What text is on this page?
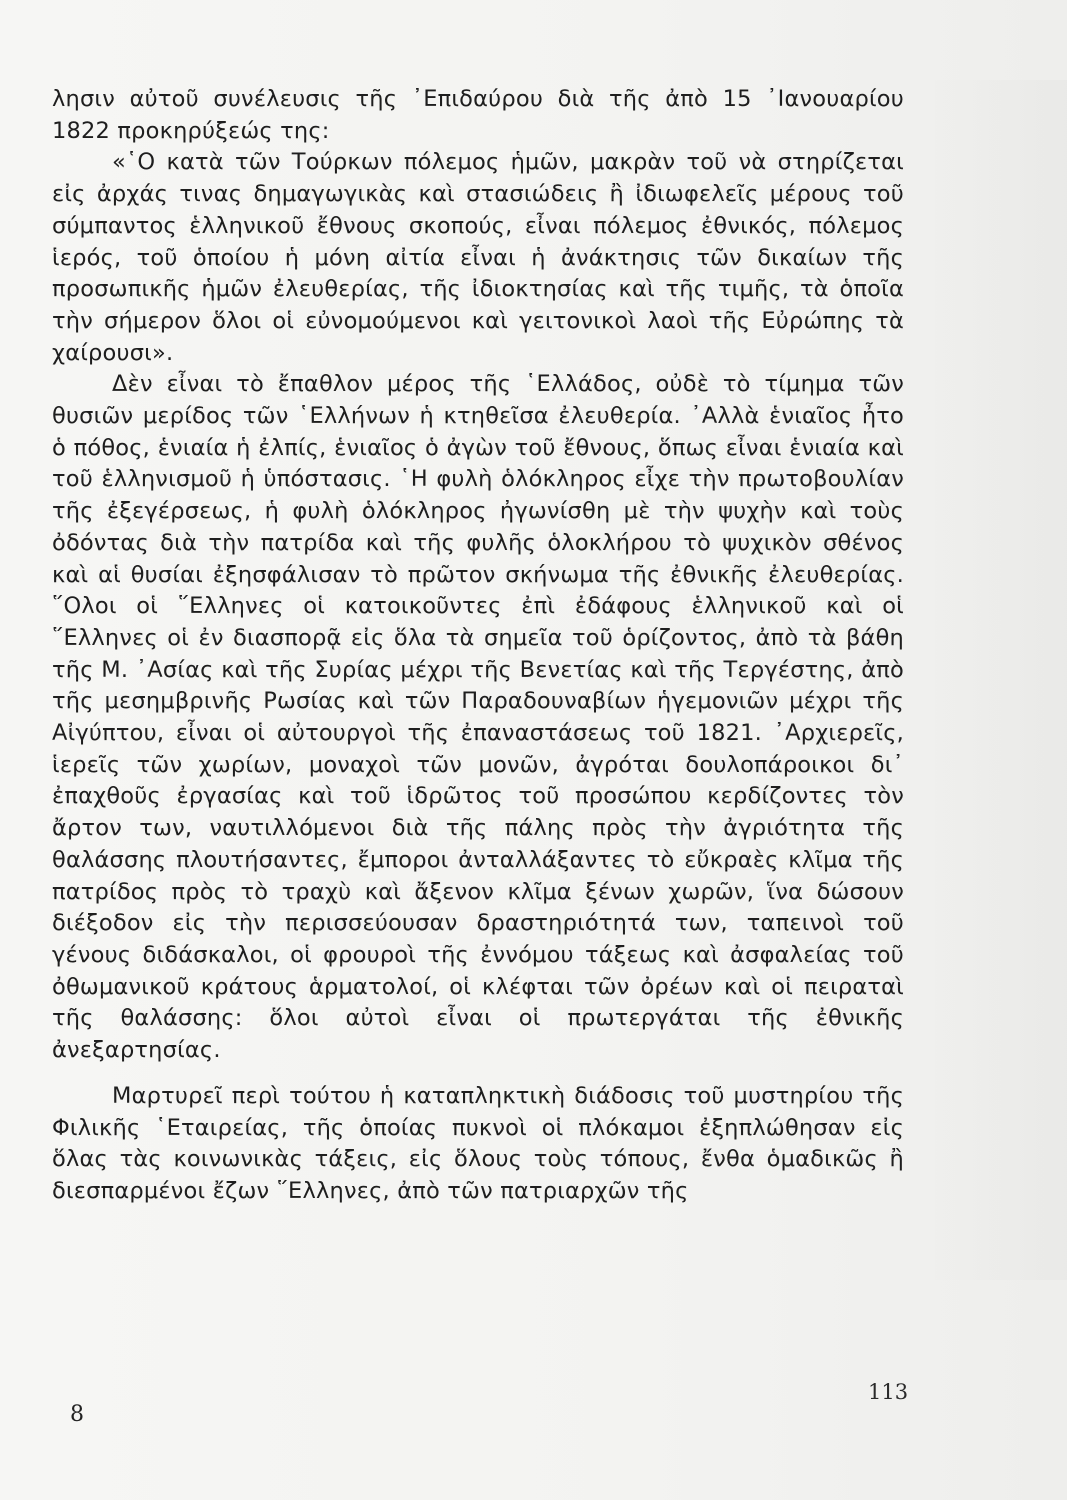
λησιν αὐτοῦ συνέλευσις τῆς ᾿Επιδαύρου διὰ τῆς ἀπὸ 15 ᾿Ιανουαρίου 1822 προκηρύξεώς της:

«῾Ο κατὰ τῶν Τούρκων πόλεμος ἡμῶν, μακρὰν τοῦ νὰ στηρίζεται εἰς ἀρχάς τινας δημαγωγικὰς καὶ στασιώδεις ἢ ἰδιωφελεῖς μέρους τοῦ σύμπαντος ἑλληνικοῦ ἔθνους σκοπούς, εἶναι πόλεμος ἐθνικός, πόλεμος ἱερός, τοῦ ὁποίου ἡ μόνη αἰτία εἶναι ἡ ἀνάκτησις τῶν δικαίων τῆς προσωπικῆς ἡμῶν ἐλευθερίας, τῆς ἰδιοκτησίας καὶ τῆς τιμῆς, τὰ ὁποῖα τὴν σήμερον ὅλοι οἱ εὐνομούμενοι καὶ γειτονικοὶ λαοὶ τῆς Εὐρώπης τὰ χαίρουσι».

Δὲν εἶναι τὸ ἔπαθλον μέρος τῆς ῾Ελλάδος, οὐδὲ τὸ τίμημα τῶν θυσιῶν μερίδος τῶν ῾Ελλήνων ἡ κτηθεῖσα ἐλευθερία. ᾿Αλλὰ ἑνιαῖος ἦτο ὁ πόθος, ἑνιαία ἡ ἐλπίς, ἑνιαῖος ὁ ἀγὼν τοῦ ἔθνους, ὅπως εἶναι ἑνιαία καὶ τοῦ ἑλληνισμοῦ ἡ ὑπόστασις. ῾Η φυλὴ ὁλόκληρος εἶχε τὴν πρωτοβουλίαν τῆς ἐξεγέρσεως, ἡ φυλὴ ὁλόκληρος ἠγωνίσθη μὲ τὴν ψυχὴν καὶ τοὺς ὀδόντας διὰ τὴν πατρίδα καὶ τῆς φυλῆς ὁλοκλήρου τὸ ψυχικὸν σθένος καὶ αἱ θυσίαι ἐξησφάλισαν τὸ πρῶτον σκήνωμα τῆς ἐθνικῆς ἐλευθερίας. ῞Ολοι οἱ ῞Ελληνες οἱ κατοικοῦντες ἐπὶ ἐδάφους ἑλληνικοῦ καὶ οἱ ῞Ελληνες οἱ ἐν διασπορᾷ εἰς ὅλα τὰ σημεῖα τοῦ ὁρίζοντος, ἀπὸ τὰ βάθη τῆς Μ. ᾿Ασίας καὶ τῆς Συρίας μέχρι τῆς Βενετίας καὶ τῆς Τεργέστης, ἀπὸ τῆς μεσημβρινῆς Ρωσίας καὶ τῶν Παραδουναβίων ἡγεμονιῶν μέχρι τῆς Αἰγύπτου, εἶναι οἱ αὐτουργοὶ τῆς ἐπαναστάσεως τοῦ 1821. ᾿Αρχιερεῖς, ἱερεῖς τῶν χωρίων, μοναχοὶ τῶν μονῶν, ἀγρόται δουλοπάροικοι δι᾿ ἐπαχθοῦς ἐργασίας καὶ τοῦ ἱδρῶτος τοῦ προσώπου κερδίζοντες τὸν ἄρτον των, ναυτιλλόμενοι διὰ τῆς πάλης πρὸς τὴν ἀγριότητα τῆς θαλάσσης πλουτήσαντες, ἔμποροι ἀνταλλάξαντες τὸ εὔκραὲς κλῖμα τῆς πατρίδος πρὸς τὸ τραχὺ καὶ ἄξενον κλῖμα ξένων χωρῶν, ἵνα δώσουν διέξοδον εἰς τὴν περισσεύουσαν δραστηριότητά των, ταπεινοὶ τοῦ γένους διδάσκαλοι, οἱ φρουροὶ τῆς ἐννόμου τάξεως καὶ ἀσφαλείας τοῦ ὀθωμανικοῦ κράτους ἁρματολοί, οἱ κλέφται τῶν ὀρέων καὶ οἱ πειραταὶ τῆς θαλάσσης: ὅλοι αὐτοὶ εἶναι οἱ πρωτεργάται τῆς ἐθνικῆς ἀνεξαρτησίας.

Μαρτυρεῖ περὶ τούτου ἡ καταπληκτικὴ διάδοσις τοῦ μυστηρίου τῆς Φιλικῆς ῾Εταιρείας, τῆς ὁποίας πυκνοὶ οἱ πλόκαμοι ἐξηπλώθησαν εἰς ὅλας τὰς κοινωνικὰς τάξεις, εἰς ὅλους τοὺς τόπους, ἔνθα ὁμαδικῶς ἢ διεσπαρμένοι ἔζων ῞Ελληνες, ἀπὸ τῶν πατριαρχῶν τῆς

8
113
